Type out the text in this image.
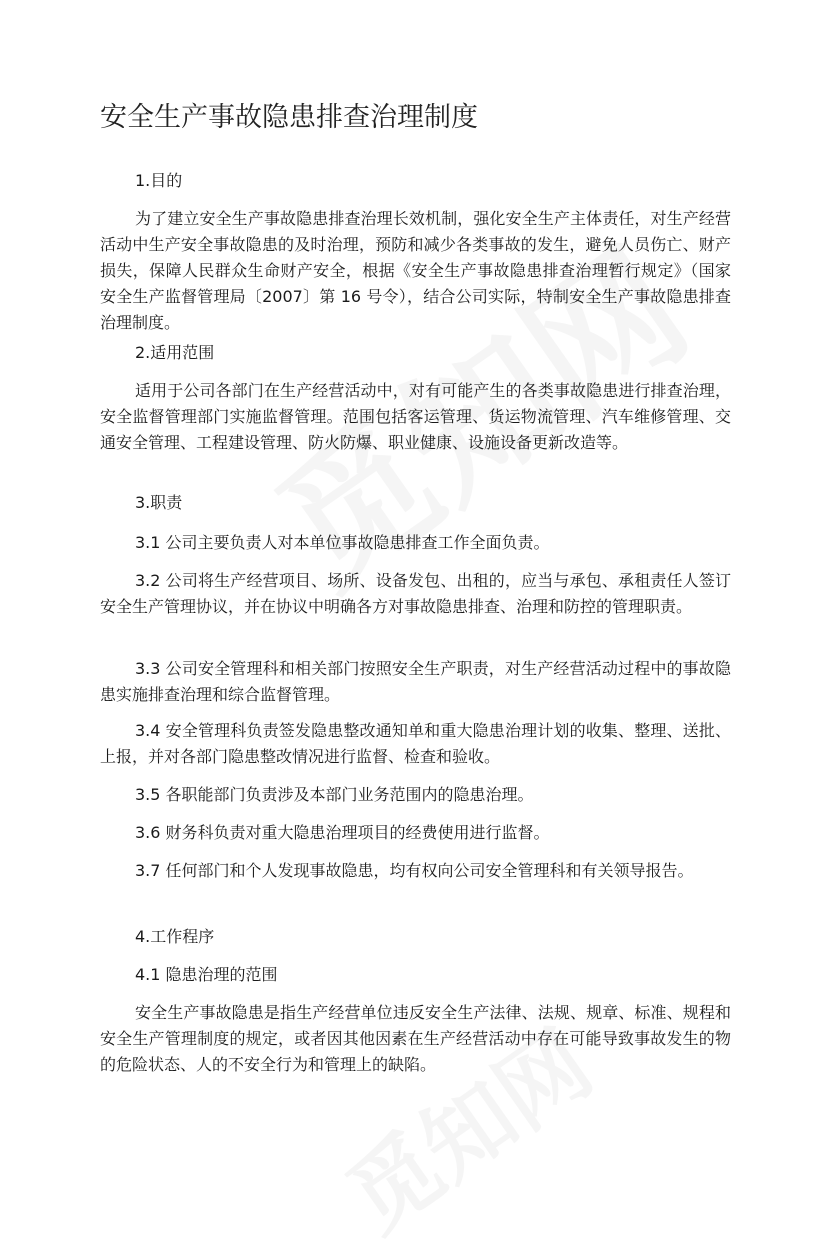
安全生产事故隐患排查治理制度

1.目的

为了建立安全生产事故隐患排查治理长效机制，强化安全生产主体责任，对生产经营活动中生产安全事故隐患的及时治理，预防和减少各类事故的发生，避免人员伤亡、财产损失，保障人民群众生命财产安全，根据《安全生产事故隐患排查治理暂行规定》（国家安全生产监督管理局〔2007〕第 16 号令），结合公司实际，特制安全生产事故隐患排查治理制度。

2.适用范围

适用于公司各部门在生产经营活动中，对有可能产生的各类事故隐患进行排查治理，安全监督管理部门实施监督管理。范围包括客运管理、货运物流管理、汽车维修管理、交通安全管理、工程建设管理、防火防爆、职业健康、设施设备更新改造等。

3.职责

3.1 公司主要负责人对本单位事故隐患排查工作全面负责。

3.2 公司将生产经营项目、场所、设备发包、出租的，应当与承包、承租责任人签订安全生产管理协议，并在协议中明确各方对事故隐患排查、治理和防控的管理职责。

3.3 公司安全管理科和相关部门按照安全生产职责，对生产经营活动过程中的事故隐患实施排查治理和综合监督管理。

3.4 安全管理科负责签发隐患整改通知单和重大隐患治理计划的收集、整理、送批、上报，并对各部门隐患整改情况进行监督、检查和验收。

3.5 各职能部门负责涉及本部门业务范围内的隐患治理。

3.6 财务科负责对重大隐患治理项目的经费使用进行监督。

3.7 任何部门和个人发现事故隐患，均有权向公司安全管理科和有关领导报告。

4.工作程序

4.1 隐患治理的范围

安全生产事故隐患是指生产经营单位违反安全生产法律、法规、规章、标准、规程和安全生产管理制度的规定，或者因其他因素在生产经营活动中存在可能导致事故发生的物的危险状态、人的不安全行为和管理上的缺陷。
